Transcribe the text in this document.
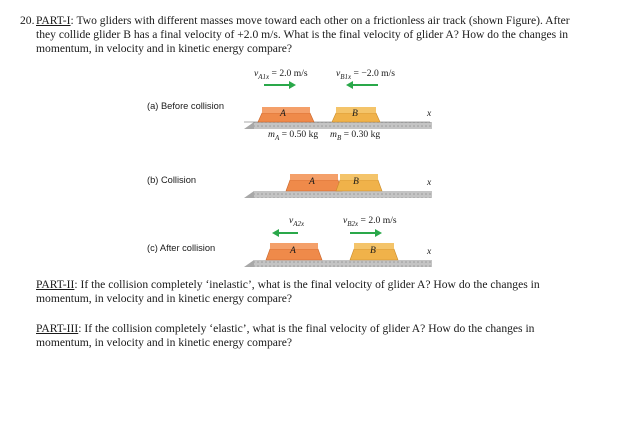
20. PART-I: Two gliders with different masses move toward each other on a frictionless air track (shown Figure). After they collide glider B has a final velocity of +2.0 m/s. What is the final velocity of glider A? How do the changes in momentum, in velocity and in kinetic energy compare?

PART-II: If the collision completely ‘inelastic’, what is the final velocity of glider A? How do the changes in momentum, in velocity and in kinetic energy compare?

PART-III: If the collision completely ‘elastic’, what is the final velocity of glider A? How do the changes in momentum, in velocity and in kinetic energy compare?

(a) Before collision
(b) Collision
(c) After collision
A	B
A	B
A	B
x
x
x
$v_{A1x} = 2.0$ m/s	$v_{B1x} = -2.0$ m/s
$m_A = 0.50$ kg $m_B = 0.30$ kg
$v_{A2x}$	$v_{B2x} = 2.0$ m/s
